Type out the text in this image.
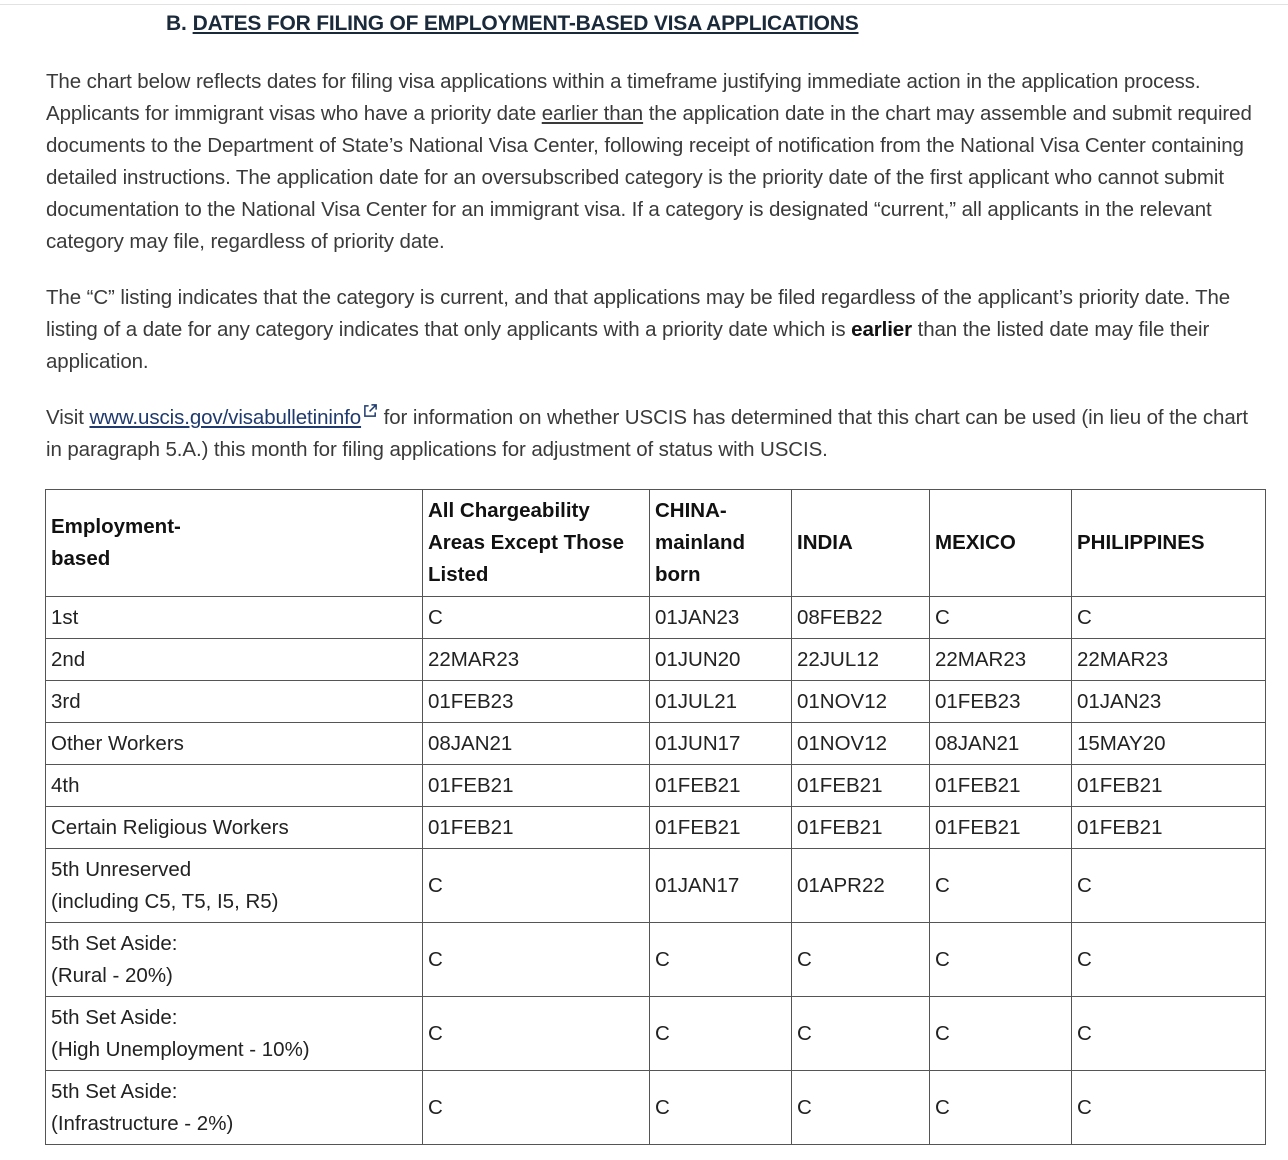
B. DATES FOR FILING OF EMPLOYMENT-BASED VISA APPLICATIONS

The chart below reflects dates for filing visa applications within a timeframe justifying immediate action in the application process. Applicants for immigrant visas who have a priority date earlier than the application date in the chart may assemble and submit required documents to the Department of State’s National Visa Center, following receipt of notification from the National Visa Center containing detailed instructions. The application date for an oversubscribed category is the priority date of the first applicant who cannot submit documentation to the National Visa Center for an immigrant visa. If a category is designated “current,” all applicants in the relevant category may file, regardless of priority date.

The “C” listing indicates that the category is current, and that applications may be filed regardless of the applicant’s priority date. The listing of a date for any category indicates that only applicants with a priority date which is earlier than the listed date may file their application.

Visit www.uscis.gov/visabulletininfo for information on whether USCIS has determined that this chart can be used (in lieu of the chart in paragraph 5.A.) this month for filing applications for adjustment of status with USCIS.

Employment-
based	All Chargeability Areas Except Those Listed	CHINA-
mainland born	INDIA	MEXICO	PHILIPPINES
1st	C	01JAN23	08FEB22	C	C
2nd	22MAR23	01JUN20	22JUL12	22MAR23	22MAR23
3rd	01FEB23	01JUL21	01NOV12	01FEB23	01JAN23
Other Workers	08JAN21	01JUN17	01NOV12	08JAN21	15MAY20
4th	01FEB21	01FEB21	01FEB21	01FEB21	01FEB21
Certain Religious Workers	01FEB21	01FEB21	01FEB21	01FEB21	01FEB21
5th Unreserved
(including C5, T5, I5, R5)	C	01JAN17	01APR22	C	C
5th Set Aside:
(Rural - 20%)	C	C	C	C	C
5th Set Aside:
(High Unemployment - 10%)	C	C	C	C	C
5th Set Aside:
(Infrastructure - 2%)	C	C	C	C	C
